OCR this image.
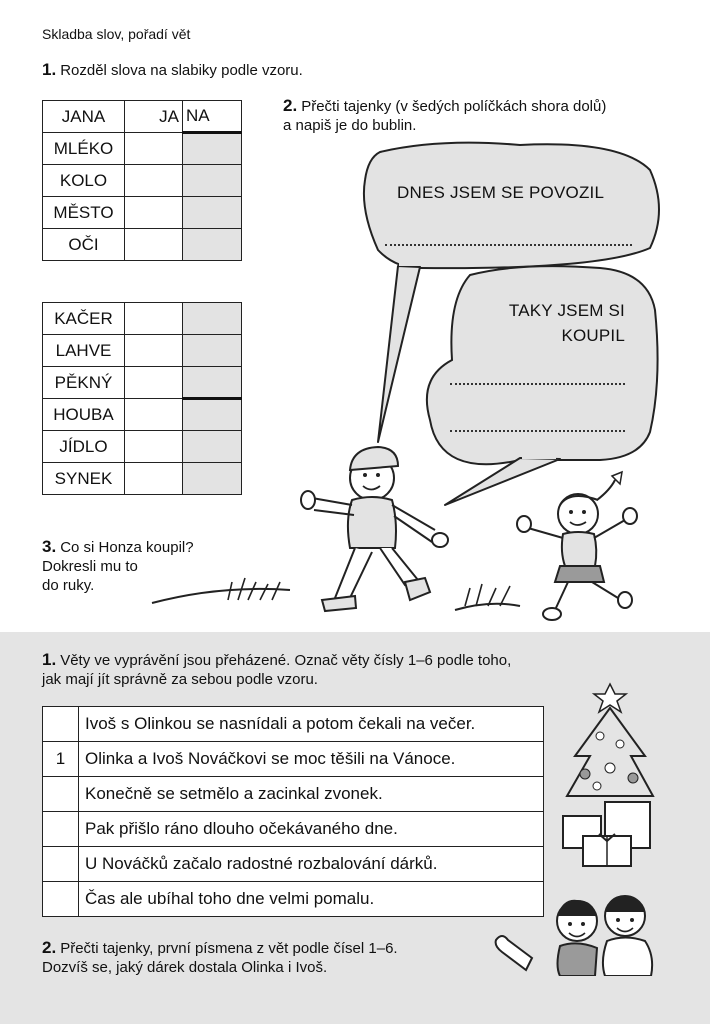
Skladba slov, pořadí vět
1. Rozděl slova na slabiky podle vzoru.
JANA	JA	NA
MLÉKO		
KOLO		
MĚSTO		
OČI		
KAČER		
LAHVE		
PĚKNÝ		
HOUBA		
JÍDLO		
SYNEK		
2. Přečti tajenky (v šedých políčkách shora dolů)
a napiš je do bublin.
DNES JSEM SE POVOZIL
TAKY JSEM SI
KOUPIL
3. Co si Honza koupil?
Dokresli mu to
do ruky.
1. Věty ve vyprávění jsou přeházené. Označ věty čísly 1–6 podle toho,
jak mají jít správně za sebou podle vzoru.
	Ivoš s Olinkou se nasnídali a potom čekali na večer.
1	Olinka a Ivoš Nováčkovi se moc těšili na Vánoce.
	Konečně se setmělo a zacinkal zvonek.
	Pak přišlo ráno dlouho očekávaného dne.
	U Nováčků začalo radostné rozbalování dárků.
	Čas ale ubíhal toho dne velmi pomalu.
2. Přečti tajenky, první písmena z vět podle čísel 1–6.
Dozvíš se, jaký dárek dostala Olinka i Ivoš.
